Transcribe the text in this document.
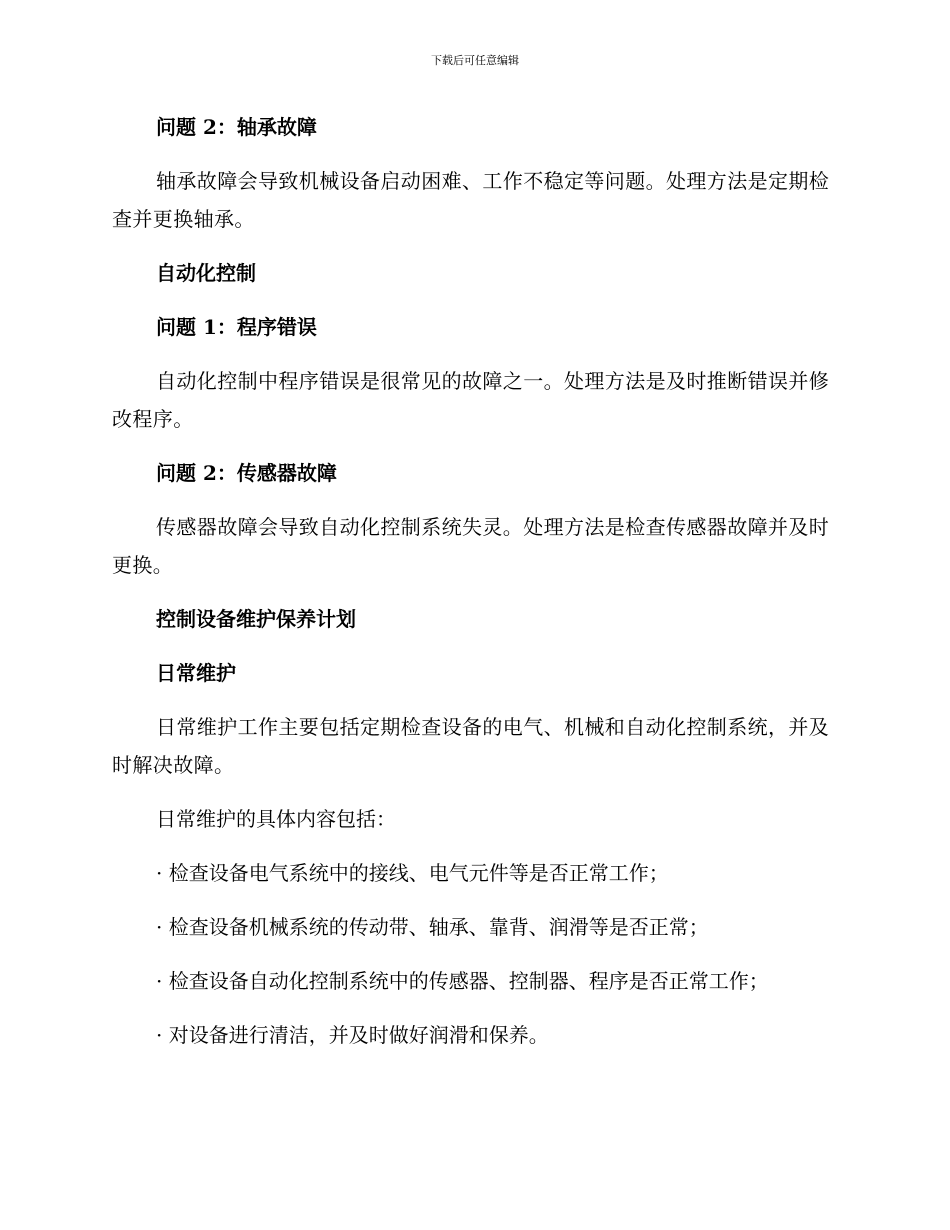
下载后可任意编辑
问题 2：轴承故障
轴承故障会导致机械设备启动困难、工作不稳定等问题。处理方法是定期检查并更换轴承。
自动化控制
问题 1：程序错误
自动化控制中程序错误是很常见的故障之一。处理方法是及时推断错误并修改程序。
问题 2：传感器故障
传感器故障会导致自动化控制系统失灵。处理方法是检查传感器故障并及时更换。
控制设备维护保养计划
日常维护
日常维护工作主要包括定期检查设备的电气、机械和自动化控制系统，并及时解决故障。
日常维护的具体内容包括：
· 检查设备电气系统中的接线、电气元件等是否正常工作；
· 检查设备机械系统的传动带、轴承、靠背、润滑等是否正常；
· 检查设备自动化控制系统中的传感器、控制器、程序是否正常工作；
· 对设备进行清洁，并及时做好润滑和保养。
